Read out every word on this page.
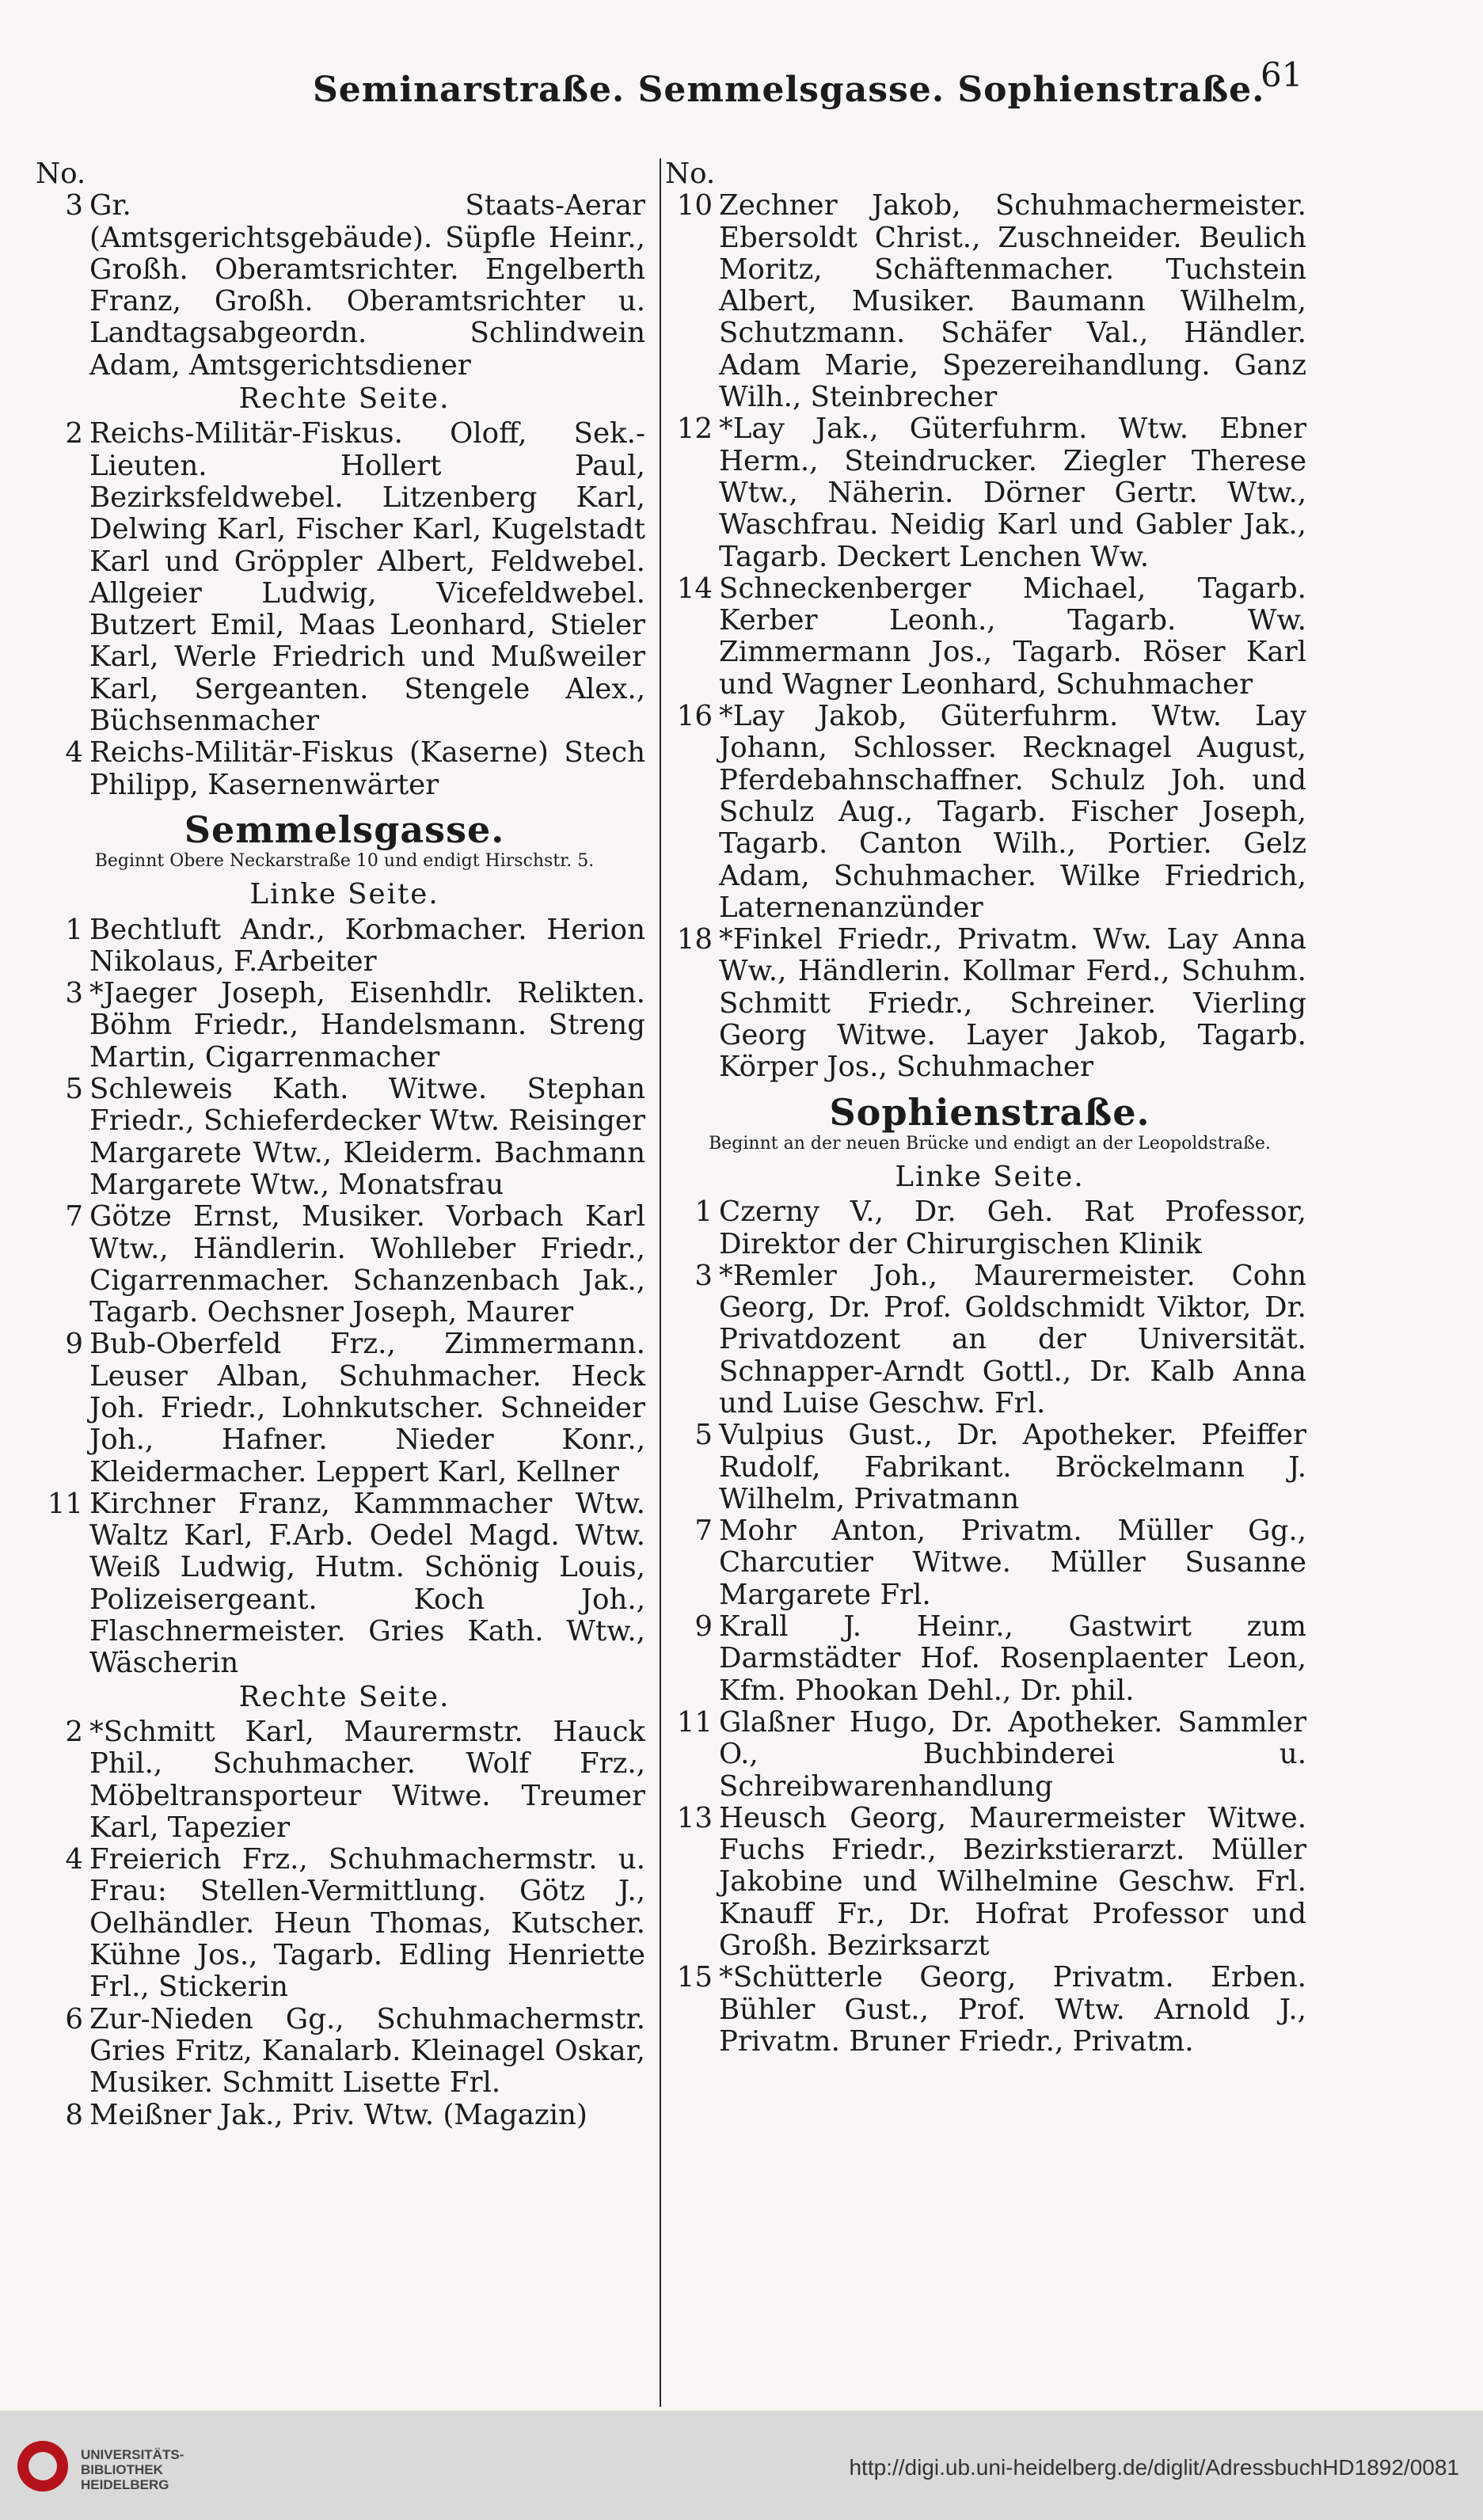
Seminarstraße. Semmelsgasse. Sophienstraße.
61
No.
3 Gr. Staats-Aerar (Amtsgerichtsgebäude). Süpfle Heinr., Großh. Oberamtsrichter. Engelberth Franz, Großh. Oberamtsrichter u. Landtagsabgeordn. Schlindwein Adam, Amtsgerichtsdiener
Rechte Seite.
2 Reichs-Militär-Fiskus. Oloff, Sek.-Lieuten. Hollert Paul, Bezirksfeldwebel. Litzenberg Karl, Delwing Karl, Fischer Karl, Kugelstadt Karl und Gröppler Albert, Feldwebel. Allgeier Ludwig, Vicefeldwebel. Butzert Emil, Maas Leonhard, Stieler Karl, Werle Friedrich und Mußweiler Karl, Sergeanten. Stengele Alex., Büchsenmacher
4 Reichs-Militär-Fiskus (Kaserne) Stech Philipp, Kasernenwärter
Semmelsgasse.
Beginnt Obere Neckarstraße 10 und endigt Hirschstr. 5.
Linke Seite.
1 Bechtluft Andr., Korbmacher. Herion Nikolaus, F.Arbeiter
3 *Jaeger Joseph, Eisenhdlr. Relikten. Böhm Friedr., Handelsmann. Streng Martin, Cigarrenmacher
5 Schleweis Kath. Witwe. Stephan Friedr., Schieferdecker Wtw. Reisinger Margarete Wtw., Kleiderm. Bachmann Margarete Wtw., Monatsfrau
7 Götze Ernst, Musiker. Vorbach Karl Wtw., Händlerin. Wohlleber Friedr., Cigarrenmacher. Schanzenbach Jak., Tagarb. Oechsner Joseph, Maurer
9 Bub-Oberfeld Frz., Zimmermann. Leuser Alban, Schuhmacher. Heck Joh. Friedr., Lohnkutscher. Schneider Joh., Hafner. Nieder Konr., Kleidermacher. Leppert Karl, Kellner
11 Kirchner Franz, Kammmacher Wtw. Waltz Karl, F.Arb. Oedel Magd. Wtw. Weiß Ludwig, Hutm. Schönig Louis, Polizeisergeant. Koch Joh., Flaschnermeister. Gries Kath. Wtw., Wäscherin
Rechte Seite.
2 *Schmitt Karl, Maurermstr. Hauck Phil., Schuhmacher. Wolf Frz., Möbeltransporteur Witwe. Treumer Karl, Tapezier
4 Freierich Frz., Schuhmachermstr. u. Frau: Stellen-Vermittlung. Götz J., Oelhändler. Heun Thomas, Kutscher. Kühne Jos., Tagarb. Edling Henriette Frl., Stickerin
6 Zur-Nieden Gg., Schuhmachermstr. Gries Fritz, Kanalarb. Kleinagel Oskar, Musiker. Schmitt Lisette Frl.
8 Meißner Jak., Priv. Wtw. (Magazin)
No.
10 Zechner Jakob, Schuhmachermeister. Ebersoldt Christ., Zuschneider. Beulich Moritz, Schäftenmacher. Tuchstein Albert, Musiker. Baumann Wilhelm, Schutzmann. Schäfer Val., Händler. Adam Marie, Spezereihandlung. Ganz Wilh., Steinbrecher
12 *Lay Jak., Güterfuhrm. Wtw. Ebner Herm., Steindrucker. Ziegler Therese Wtw., Näherin. Dörner Gertr. Wtw., Waschfrau. Neidig Karl und Gabler Jak., Tagarb. Deckert Lenchen Ww.
14 Schneckenberger Michael, Tagarb. Kerber Leonh., Tagarb. Ww. Zimmermann Jos., Tagarb. Röser Karl und Wagner Leonhard, Schuhmacher
16 *Lay Jakob, Güterfuhrm. Wtw. Lay Johann, Schlosser. Recknagel August, Pferdebahnschaffner. Schulz Joh. und Schulz Aug., Tagarb. Fischer Joseph, Tagarb. Canton Wilh., Portier. Gelz Adam, Schuhmacher. Wilke Friedrich, Laternenanzünder
18 *Finkel Friedr., Privatm. Ww. Lay Anna Ww., Händlerin. Kollmar Ferd., Schuhm. Schmitt Friedr., Schreiner. Vierling Georg Witwe. Layer Jakob, Tagarb. Körper Jos., Schuhmacher
Sophienstraße.
Beginnt an der neuen Brücke und endigt an der Leopoldstraße.
Linke Seite.
1 Czerny V., Dr. Geh. Rat Professor, Direktor der Chirurgischen Klinik
3 *Remler Joh., Maurermeister. Cohn Georg, Dr. Prof. Goldschmidt Viktor, Dr. Privatdozent an der Universität. Schnapper-Arndt Gottl., Dr. Kalb Anna und Luise Geschw. Frl.
5 Vulpius Gust., Dr. Apotheker. Pfeiffer Rudolf, Fabrikant. Bröckelmann J. Wilhelm, Privatmann
7 Mohr Anton, Privatm. Müller Gg., Charcutier Witwe. Müller Susanne Margarete Frl.
9 Krall J. Heinr., Gastwirt zum Darmstädter Hof. Rosenplaenter Leon, Kfm. Phookan Dehl., Dr. phil.
11 Glaßner Hugo, Dr. Apotheker. Sammler O., Buchbinderei u. Schreibwarenhandlung
13 Heusch Georg, Maurermeister Witwe. Fuchs Friedr., Bezirkstierarzt. Müller Jakobine und Wilhelmine Geschw. Frl. Knauff Fr., Dr. Hofrat Professor und Großh. Bezirksarzt
15 *Schütterle Georg, Privatm. Erben. Bühler Gust., Prof. Wtw. Arnold J., Privatm. Bruner Friedr., Privatm.
UNIVERSITÄTS-
BIBLIOTHEK
HEIDELBERG
http://digi.ub.uni-heidelberg.de/diglit/AdressbuchHD1892/0081
